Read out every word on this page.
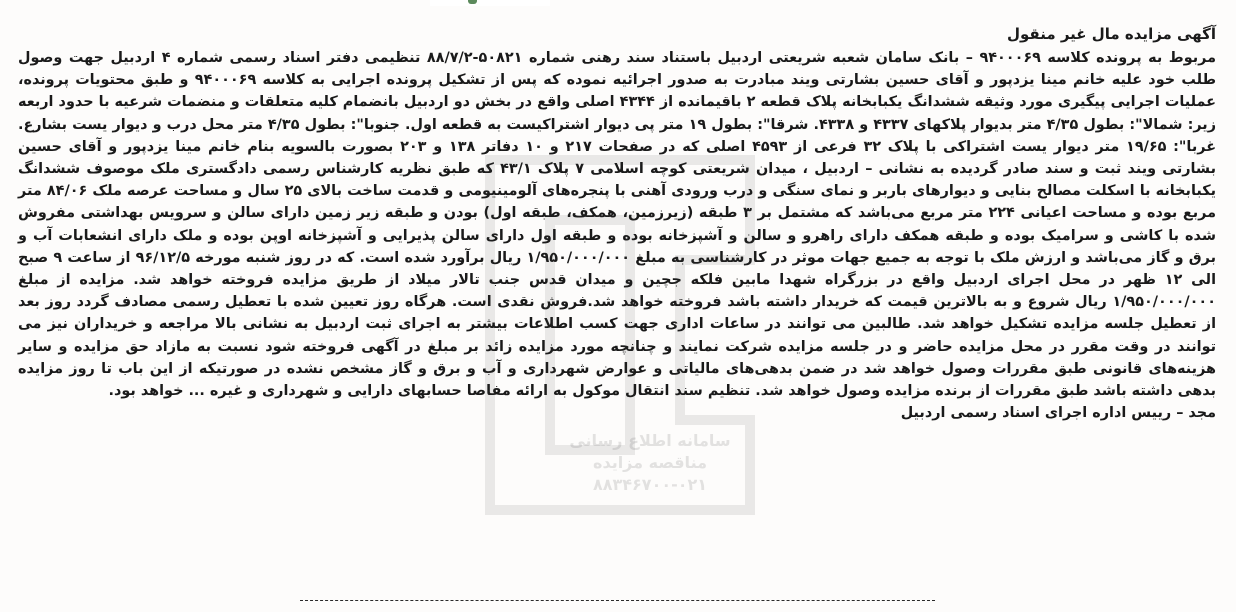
سامانه اطلاع رسانی مناقصه مزایده ۰۲۱-۸۸۳۴۶۷۰۰

آگهی مزایده مال غیر منقول

مربوط به پرونده کلاسه ۹۴۰۰۰۶۹ – بانک سامان شعبه شریعتی اردبیل باستناد سند رهنی شماره ۵۰۸۲۱-۸۸/۷/۲ تنظیمی دفتر اسناد رسمی شماره ۴ اردبیل جهت وصول طلب خود علیه خانم مینا یزدپور و آقای حسین بشارتی ویند مبادرت به صدور اجرائیه نموده که پس از تشکیل پرونده اجرایی به کلاسه ۹۴۰۰۰۶۹ و طبق محتویات پرونده، عملیات اجرایی پیگیری مورد وثیقه ششدانگ یکبابخانه پلاک قطعه ۲ باقیمانده از ۴۳۴۴ اصلی واقع در بخش دو اردبیل بانضمام کلیه متعلقات و منضمات شرعیه با حدود اربعه زیر: شمالا": بطول ۴/۳۵ متر بدیوار پلاکهای ۴۳۳۷ و ۴۳۳۸. شرقا": بطول ۱۹ متر پی دیوار اشتراکیست به قطعه اول. جنوبا": بطول ۴/۳۵ متر محل درب و دیوار یست بشارع. غربا": ۱۹/۶۵ متر دیوار یست اشتراکی با پلاک ۳۲ فرعی از ۴۵۹۳ اصلی که در صفحات ۲۱۷ و ۱۰ دفاتر ۱۳۸ و ۲۰۳ بصورت بالسویه بنام خانم مینا یزدپور و آقای حسین بشارتی ویند ثبت و سند صادر گردیده به نشانی – اردبیل ، میدان شریعتی کوچه اسلامی ۷ پلاک ۴۳/۱ که طبق نظریه کارشناس رسمی دادگستری ملک موصوف ششدانگ یکبابخانه با اسکلت مصالح بنایی و دیوارهای باربر و نمای سنگی و درب ورودی آهنی با پنجره‌های آلومینیومی و قدمت ساخت بالای ۲۵ سال و مساحت عرصه ملک ۸۴/۰۶ متر مربع بوده و مساحت اعیانی ۲۲۴ متر مربع می‌باشد که مشتمل بر ۳ طبقه (زیرزمین، همکف، طبقه اول) بودن و طبقه زیر زمین دارای سالن و سرویس بهداشتی مفروش شده با کاشی و سرامیک بوده و طبقه همکف دارای راهرو و سالن و آشپزخانه بوده و طبقه اول دارای سالن پذیرایی و آشپزخانه اوپن بوده و ملک دارای انشعابات آب و برق و گاز می‌باشد و ارزش ملک با توجه به جمیع جهات موثر در کارشناسی به مبلغ ۱/۹۵۰/۰۰۰/۰۰۰ ریال برآورد شده است. که در روز شنبه مورخه ۹۶/۱۲/۵ از ساعت ۹ صبح الی ۱۲ ظهر در محل اجرای اردبیل واقع در بزرگراه شهدا مابین فلکه جچین و میدان قدس جنب تالار میلاد از طریق مزایده فروخته خواهد شد. مزایده از مبلغ ۱/۹۵۰/۰۰۰/۰۰۰ ریال شروع و به بالاترین قیمت که خریدار داشته باشد فروخته خواهد شد.فروش نقدی است. هرگاه روز تعیین شده با تعطیل رسمی مصادف گردد روز بعد از تعطیل جلسه مزایده تشکیل خواهد شد. طالبین می توانند در ساعات اداری جهت کسب اطلاعات بیشتر به اجرای ثبت اردبیل به نشانی بالا مراجعه و خریداران نیز می توانند در وقت مقرر در محل مزایده حاضر و در جلسه مزایده شرکت نمایند و چنانچه مورد مزایده زائد بر مبلغ در آگهی فروخته شود نسبت به مازاد حق مزایده و سایر هزینه‌های قانونی طبق مقررات وصول خواهد شد در ضمن بدهی‌های مالیاتی و عوارض شهرداری و آب و برق و گاز مشخص نشده در صورتیکه از این باب تا روز مزایده بدهی داشته باشد طبق مقررات از برنده مزایده وصول خواهد شد. تنظیم سند انتقال موکول به ارائه مفاصا حسابهای دارایی و شهرداری و غیره ... خواهد بود.

مجد – رییس اداره اجرای اسناد رسمی اردبیل
